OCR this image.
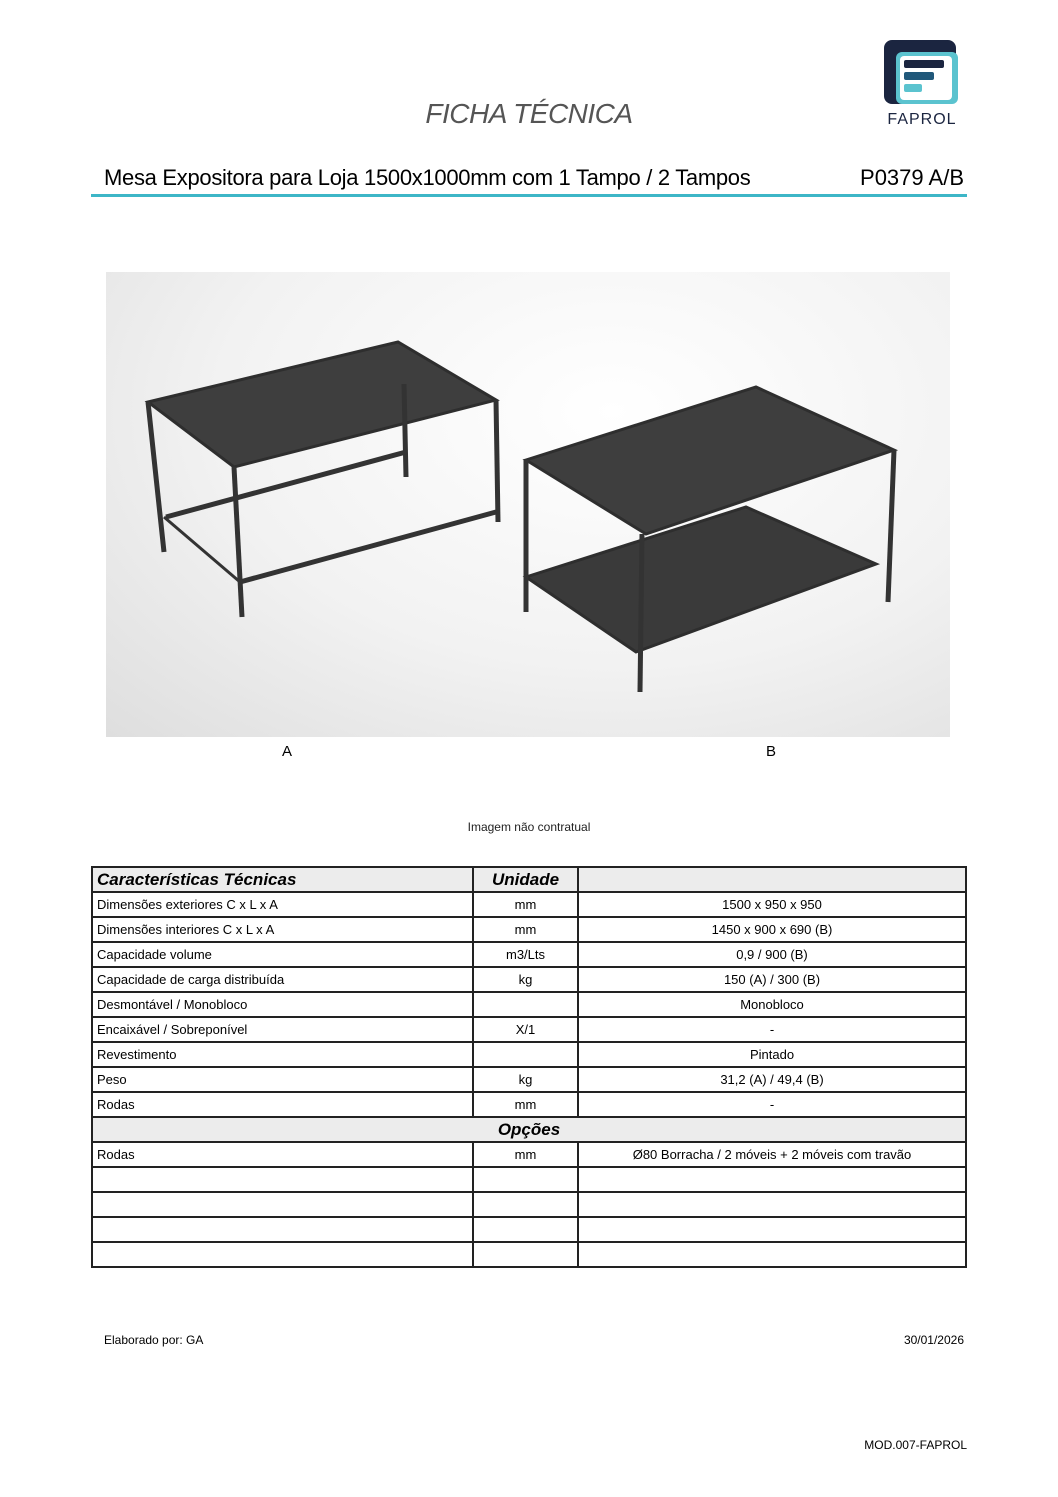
FICHA TÉCNICA	FAPROL
Mesa Expositora para Loja 1500x1000mm com 1 Tampo / 2 Tampos	P0379 A/B
A	B
Imagem não contratual
Características Técnicas	Unidade	
Dimensões exteriores C x L x A	mm	1500 x 950 x 950
Dimensões interiores C x L x A	mm	1450 x 900 x 690 (B)
Capacidade volume	m3/Lts	0,9 / 900 (B)
Capacidade de carga distribuída	kg	150 (A) / 300 (B)
Desmontável / Monobloco		Monobloco
Encaixável / Sobreponível	X/1	-
Revestimento		Pintado
Peso	kg	31,2 (A) / 49,4 (B)
Rodas	mm	-
Opções		
Rodas	mm	Ø80 Borracha / 2 móveis + 2 móveis com travão

Elaborado por: GA	30/01/2026
MOD.007-FAPROL
